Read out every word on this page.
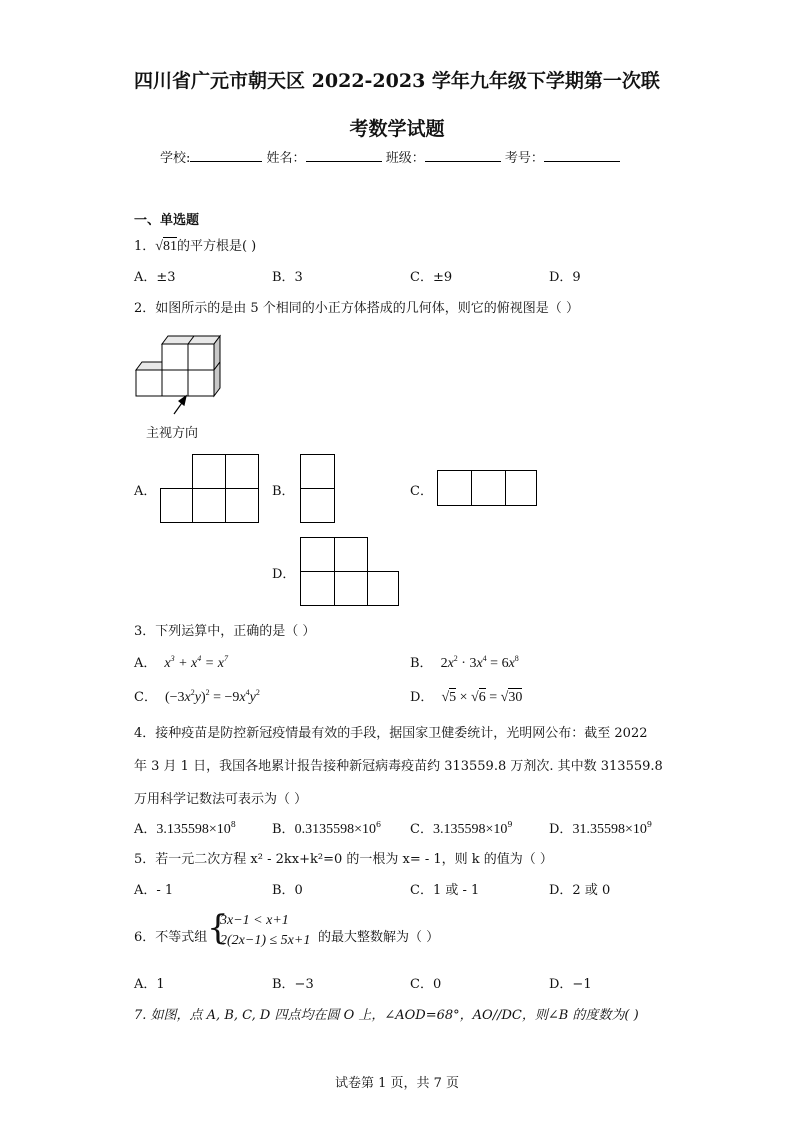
四川省广元市朝天区 2022-2023 学年九年级下学期第一次联
考数学试题
学校:	姓名：	班级：	考号：
一、单选题
1．√81的平方根是( )
A．±3	B．3	C．±9	D．9
2．如图所示的是由 5 个相同的小正方体搭成的几何体，则它的俯视图是（ ）
主视方向
A．	B．	C．
D．
3．下列运算中，正确的是（ ）
A． $x^3 + x^4 = x^7$	B． $2x^2 \cdot 3x^4 = 6x^8$
C． $(-3x^2y)^2 = -9x^4y^2$	D． √5 × √6 = √30
4．接种疫苗是防控新冠疫情最有效的手段，据国家卫健委统计，光明网公布：截至 2022
年 3 月 1 日，我国各地累计报告接种新冠病毒疫苗约 313559.8 万剂次. 其中数 313559.8
万用科学记数法可表示为（ ）
A．$3.135598\times 10^8$	B．$0.3135598\times 10^6$ C．$3.135598\times 10^9$	D．$31.35598\times 10^9$
5．若一元二次方程 x² - 2kx+k²=0 的一根为 x= - 1，则 k 的值为（ ）
A．- 1	B．0	C．1 或 - 1	D．2 或 0
6．不等式组 {
3x−1 < x+1
2(2x−1) ≤ 5x+1 的最大整数解为（ ）
A．1	B．−3	C．0	D．−1
7. 如图，点 A, B, C, D 四点均在圆 O 上，∠AOD=68°，AO//DC，则∠B 的度数为( )
试卷第 1 页，共 7 页
